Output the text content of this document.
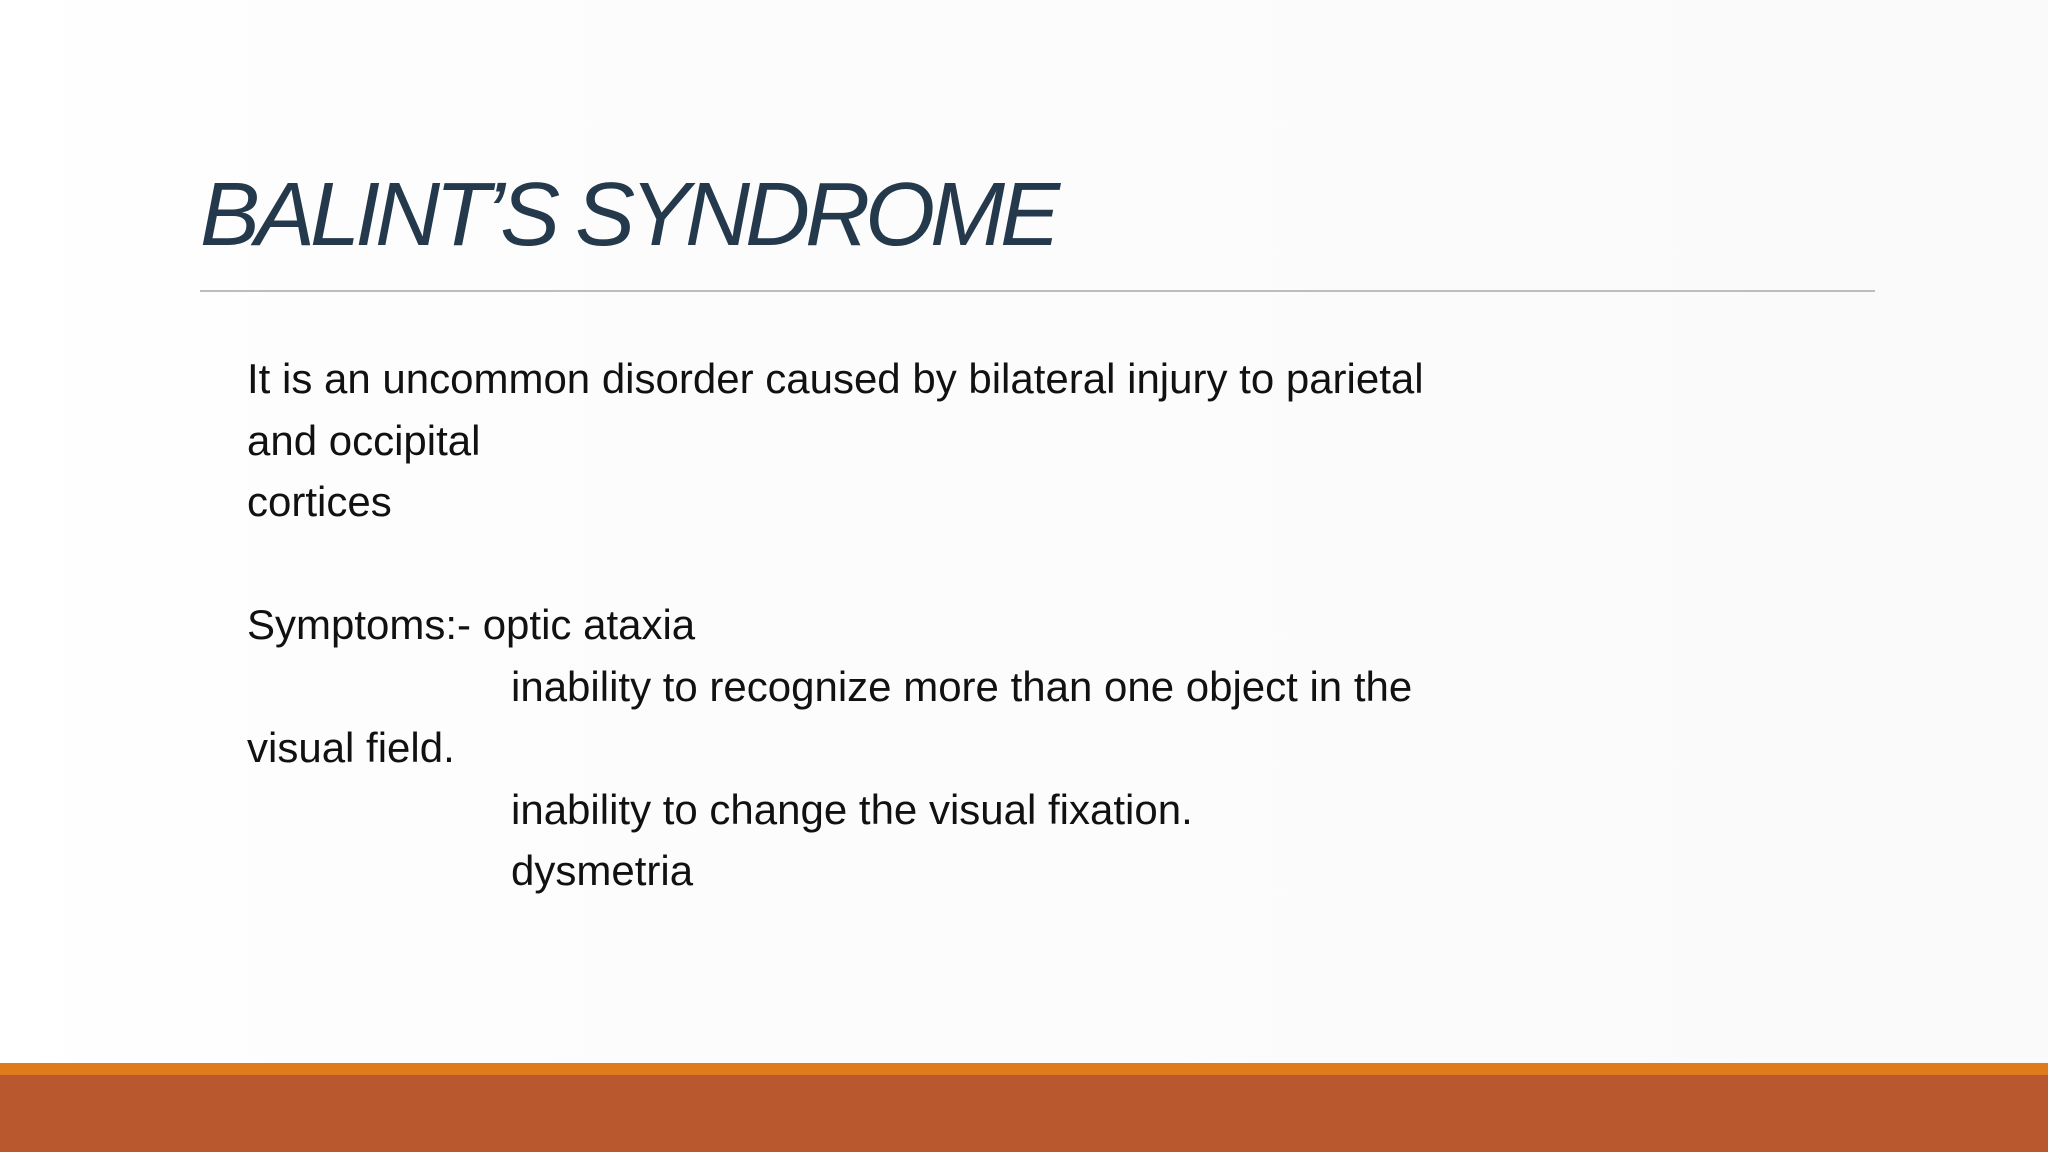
BALINT’S SYNDROME
It is an uncommon disorder caused by bilateral injury to parietal
and occipital
cortices
Symptoms:- optic ataxia
inability to recognize more than one object in the
visual field.
inability to change the visual fixation.
dysmetria
